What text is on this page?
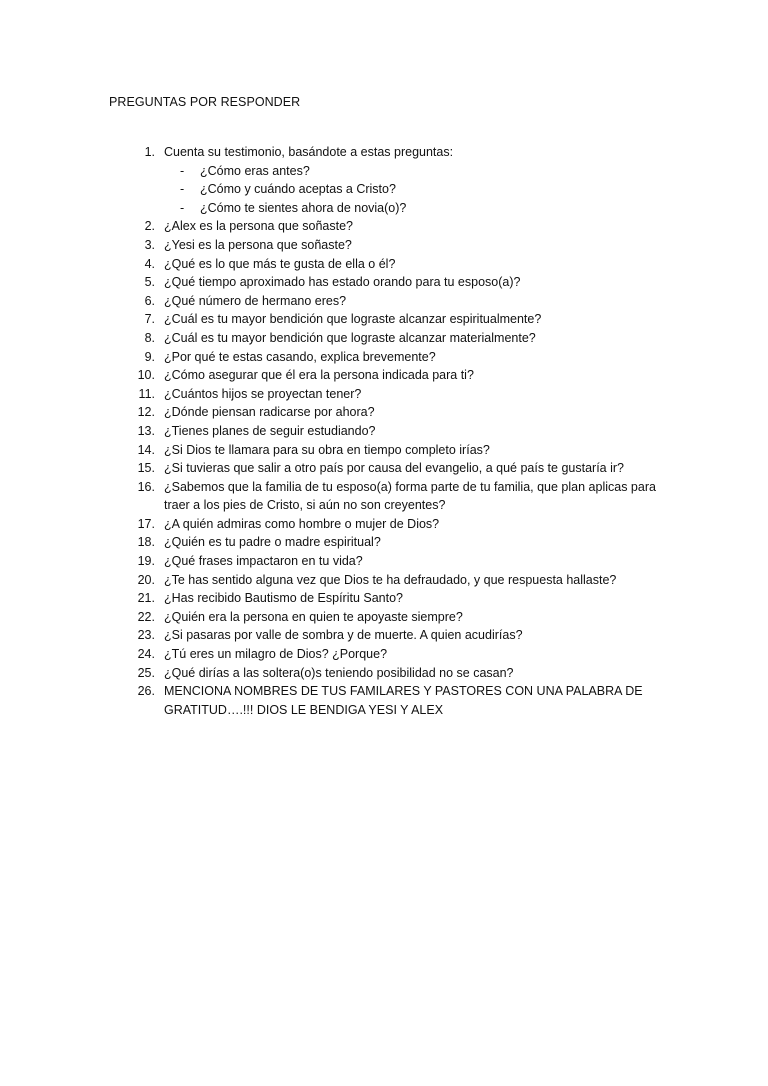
PREGUNTAS POR RESPONDER
1. Cuenta su testimonio, basándote a estas preguntas:
-	¿Cómo eras antes?
-	¿Cómo y cuándo aceptas a Cristo?
-	¿Cómo te sientes ahora de novia(o)?
2. ¿Alex es la persona que soñaste?
3. ¿Yesi es la persona que soñaste?
4. ¿Qué es lo que más te gusta de ella o él?
5. ¿Qué tiempo aproximado has estado orando para tu esposo(a)?
6. ¿Qué número de hermano eres?
7. ¿Cuál es tu mayor bendición que lograste alcanzar espiritualmente?
8. ¿Cuál es tu mayor bendición que lograste alcanzar materialmente?
9. ¿Por qué te estas casando, explica brevemente?
10. ¿Cómo asegurar que él era la persona indicada para ti?
11. ¿Cuántos hijos se proyectan tener?
12. ¿Dónde piensan radicarse por ahora?
13. ¿Tienes planes de seguir estudiando?
14. ¿Si Dios te llamara para su obra en tiempo completo irías?
15. ¿Si tuvieras que salir a otro país por causa del evangelio, a qué país te gustaría ir?
16. ¿Sabemos que la familia de tu esposo(a) forma parte de tu familia, que plan aplicas para traer a los pies de Cristo, si aún no son creyentes?
17. ¿A quién admiras como hombre o mujer de Dios?
18. ¿Quién es tu padre o madre espiritual?
19. ¿Qué frases impactaron en tu vida?
20. ¿Te has sentido alguna vez que Dios te ha defraudado, y que respuesta hallaste?
21. ¿Has recibido Bautismo de Espíritu Santo?
22. ¿Quién era la persona en quien te apoyaste siempre?
23. ¿Si pasaras por valle de sombra y de muerte. A quien acudirías?
24. ¿Tú eres un milagro de Dios? ¿Porque?
25. ¿Qué dirías a las soltera(o)s teniendo posibilidad no se casan?
26. MENCIONA NOMBRES DE TUS FAMILARES Y PASTORES CON UNA PALABRA DE GRATITUD….!!! DIOS LE BENDIGA YESI Y ALEX
